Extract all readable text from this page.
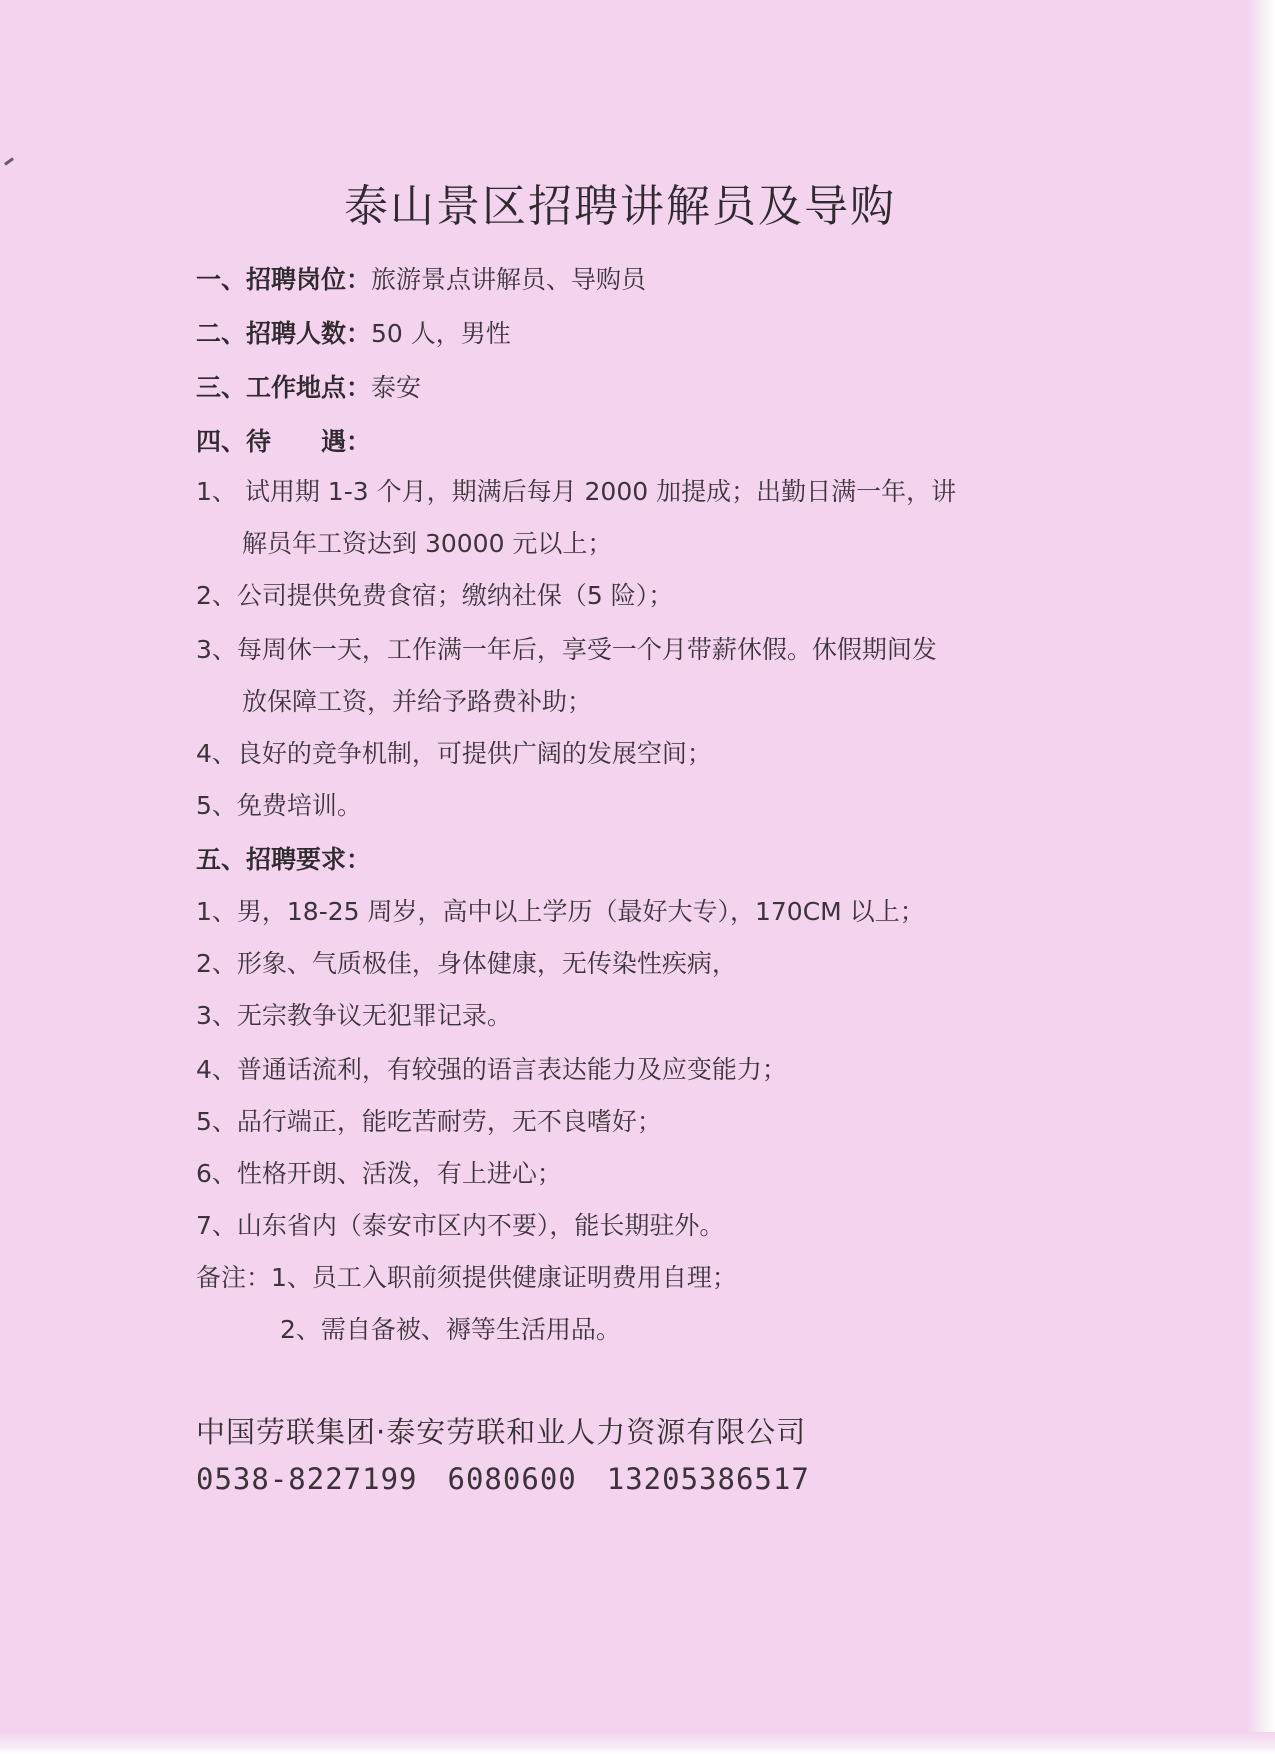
泰山景区招聘讲解员及导购
一、招聘岗位：旅游景点讲解员、导购员
二、招聘人数：50 人，男性
三、工作地点：泰安
四、待　　遇：
1、 试用期 1-3 个月，期满后每月 2000 加提成；出勤日满一年，讲
解员年工资达到 30000 元以上；
2、公司提供免费食宿；缴纳社保（5 险）；
3、每周休一天，工作满一年后，享受一个月带薪休假。休假期间发
放保障工资，并给予路费补助；
4、良好的竞争机制，可提供广阔的发展空间；
5、免费培训。
五、招聘要求：
1、男，18-25 周岁，高中以上学历（最好大专），170CM 以上；
2、形象、气质极佳，身体健康，无传染性疾病，
3、无宗教争议无犯罪记录。
4、普通话流利，有较强的语言表达能力及应变能力；
5、品行端正，能吃苦耐劳，无不良嗜好；
6、性格开朗、活泼，有上进心；
7、山东省内（泰安市区内不要），能长期驻外。
备注：1、员工入职前须提供健康证明费用自理；
2、需自备被、褥等生活用品。
中国劳联集团·泰安劳联和业人力资源有限公司
0538-8227199 6080600 13205386517
